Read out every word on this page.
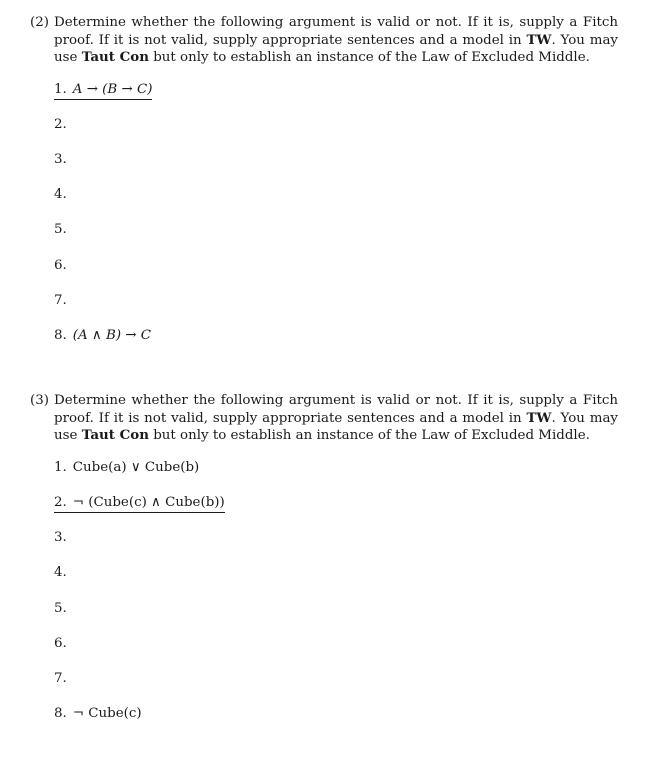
(2) Determine whether the following argument is valid or not. If it is, supply a Fitch proof. If it is not valid, supply appropriate sentences and a model in TW. You may use Taut Con but only to establish an instance of the Law of Excluded Middle.
1. A → (B → C)
2.
3.
4.
5.
6.
7.
8. (A ∧ B) → C
(3) Determine whether the following argument is valid or not. If it is, supply a Fitch proof. If it is not valid, supply appropriate sentences and a model in TW. You may use Taut Con but only to establish an instance of the Law of Excluded Middle.
1. Cube(a) ∨ Cube(b)
2. ¬ (Cube(c) ∧ Cube(b))
3.
4.
5.
6.
7.
8. ¬ Cube(c)
